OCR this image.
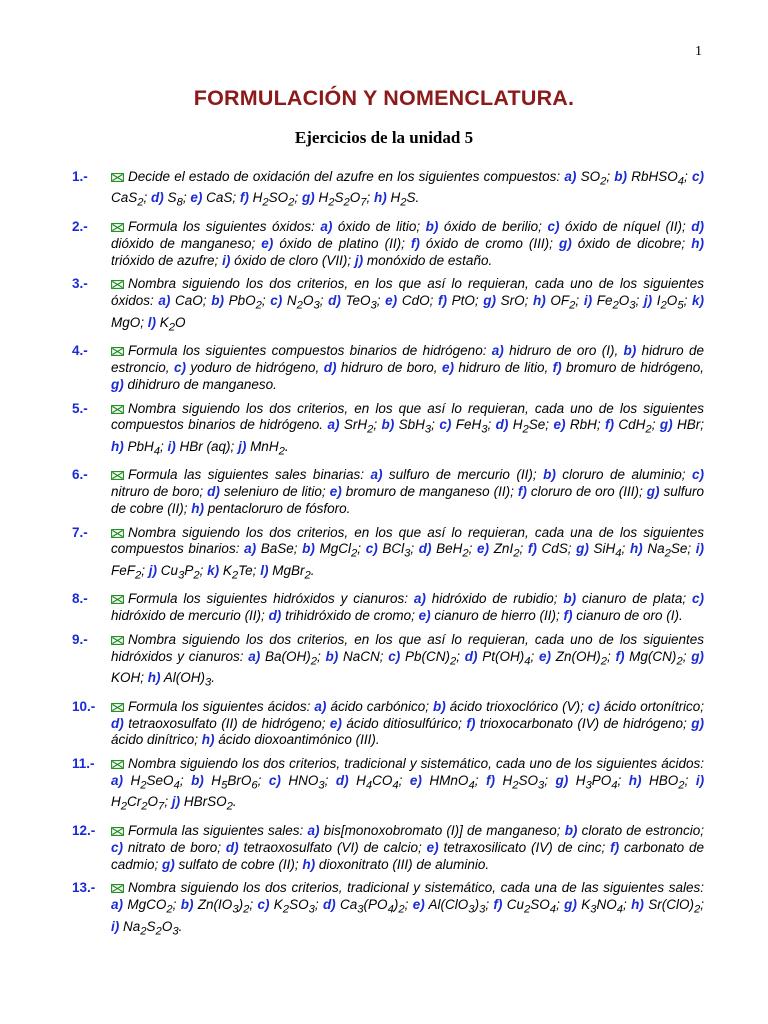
1
FORMULACIÓN Y NOMENCLATURA.
Ejercicios de la unidad 5
1.-	Decide el estado de oxidación del azufre en los siguientes compuestos: a) $SO_2$; b) RbHSO$_4$; c) CaS$_2$; d) $S_8$; e) CaS; f) $H_2SO_2$; g) $H_2S_2O_7$; h) $H_2S$.
2.-	Formula los siguientes óxidos: a) óxido de litio; b) óxido de berilio; c) óxido de níquel (II); d) dióxido de manganeso; e) óxido de platino (II); f) óxido de cromo (III); g) óxido de dicobre; h) trióxido de azufre; i) óxido de cloro (VII); j) monóxido de estaño.
3.-	Nombra siguiendo los dos criterios, en los que así lo requieran, cada uno de los siguientes óxidos: a) CaO; b) PbO$_2$; c) $N_2O_3$; d) TeO$_3$; e) CdO; f) PtO; g) SrO; h) $OF_2$; i) $Fe_2O_3$; j) $I_2O_5$; k) MgO; l) $K_2O$
4.-	Formula los siguientes compuestos binarios de hidrógeno: a) hidruro de oro (I), b) hidruro de estroncio, c) yoduro de hidrógeno, d) hidruro de boro, e) hidruro de litio, f) bromuro de hidrógeno, g) dihidruro de manganeso.
5.-	Nombra siguiendo los dos criterios, en los que así lo requieran, cada uno de los siguientes compuestos binarios de hidrógeno. a) SrH$_2$; b) SbH$_3$; c) FeH$_3$; d) $H_2Se$; e) RbH; f) CdH$_2$; g) HBr; h) PbH$_4$; i) HBr (aq); j) MnH$_2$.
6.-	Formula las siguientes sales binarias: a) sulfuro de mercurio (II); b) cloruro de aluminio; c) nitruro de boro; d) seleniuro de litio; e) bromuro de manganeso (II); f) cloruro de oro (III); g) sulfuro de cobre (II); h) pentacloruro de fósforo.
7.-	Nombra siguiendo los dos criterios, en los que así lo requieran, cada una de los siguientes compuestos binarios: a) BaSe; b) MgCl$_2$; c) BCl$_3$; d) BeH$_2$; e) ZnI$_2$; f) CdS; g) SiH$_4$; h) $Na_2Se$; i) FeF$_2$; j) $Cu_3P_2$; k) $K_2Te$; l) MgBr$_2$.
8.-	Formula los siguientes hidróxidos y cianuros: a) hidróxido de rubidio; b) cianuro de plata; c) hidróxido de mercurio (II); d) trihidróxido de cromo; e) cianuro de hierro (II); f) cianuro de oro (I).
9.-	Nombra siguiendo los dos criterios, en los que así lo requieran, cada uno de los siguientes hidróxidos y cianuros: a) $Ba(OH)_2$; b) NaCN; c) $Pb(CN)_2$; d) $Pt(OH)_4$; e) $Zn(OH)_2$; f) $Mg(CN)_2$; g) KOH; h) $Al(OH)_3$.
10.- Formula los siguientes ácidos: a) ácido carbónico; b) ácido trioxoclórico (V); c) ácido ortonítrico; d) tetraoxosulfato (II) de hidrógeno; e) ácido ditiosulfúrico; f) trioxocarbonato (IV) de hidrógeno; g) ácido dinítrico; h) ácido dioxoantimónico (III).
11.- Nombra siguiendo los dos criterios, tradicional y sistemático, cada uno de los siguientes ácidos: a) $H_2SeO_4$; b) $H_5BrO_6$; c) $HNO_3$; d) $H_4CO_4$; e) HMnO$_4$; f) $H_2SO_3$; g) $H_3PO_4$; h) $HBO_2$; i) $H_2Cr_2O_7$; j) HBrSO$_2$.
12.- Formula las siguientes sales: a) bis[monoxobromato (I)] de manganeso; b) clorato de estroncio; c) nitrato de boro; d) tetraoxosulfato (VI) de calcio; e) tetraxosilicato (IV) de cinc; f) carbonato de cadmio; g) sulfato de cobre (II); h) dioxonitrato (III) de aluminio.
13.- Nombra siguiendo los dos criterios, tradicional y sistemático, cada una de las siguientes sales: a) MgCO$_2$; b) $Zn(IO_3)_2$; c) $K_2SO_3$; d) $Ca_3(PO_4)_2$; e) $Al(ClO_3)_3$; f) $Cu_2SO_4$; g) $K_3NO_4$; h) $Sr(ClO)_2$; i) $Na_2S_2O_3$.
